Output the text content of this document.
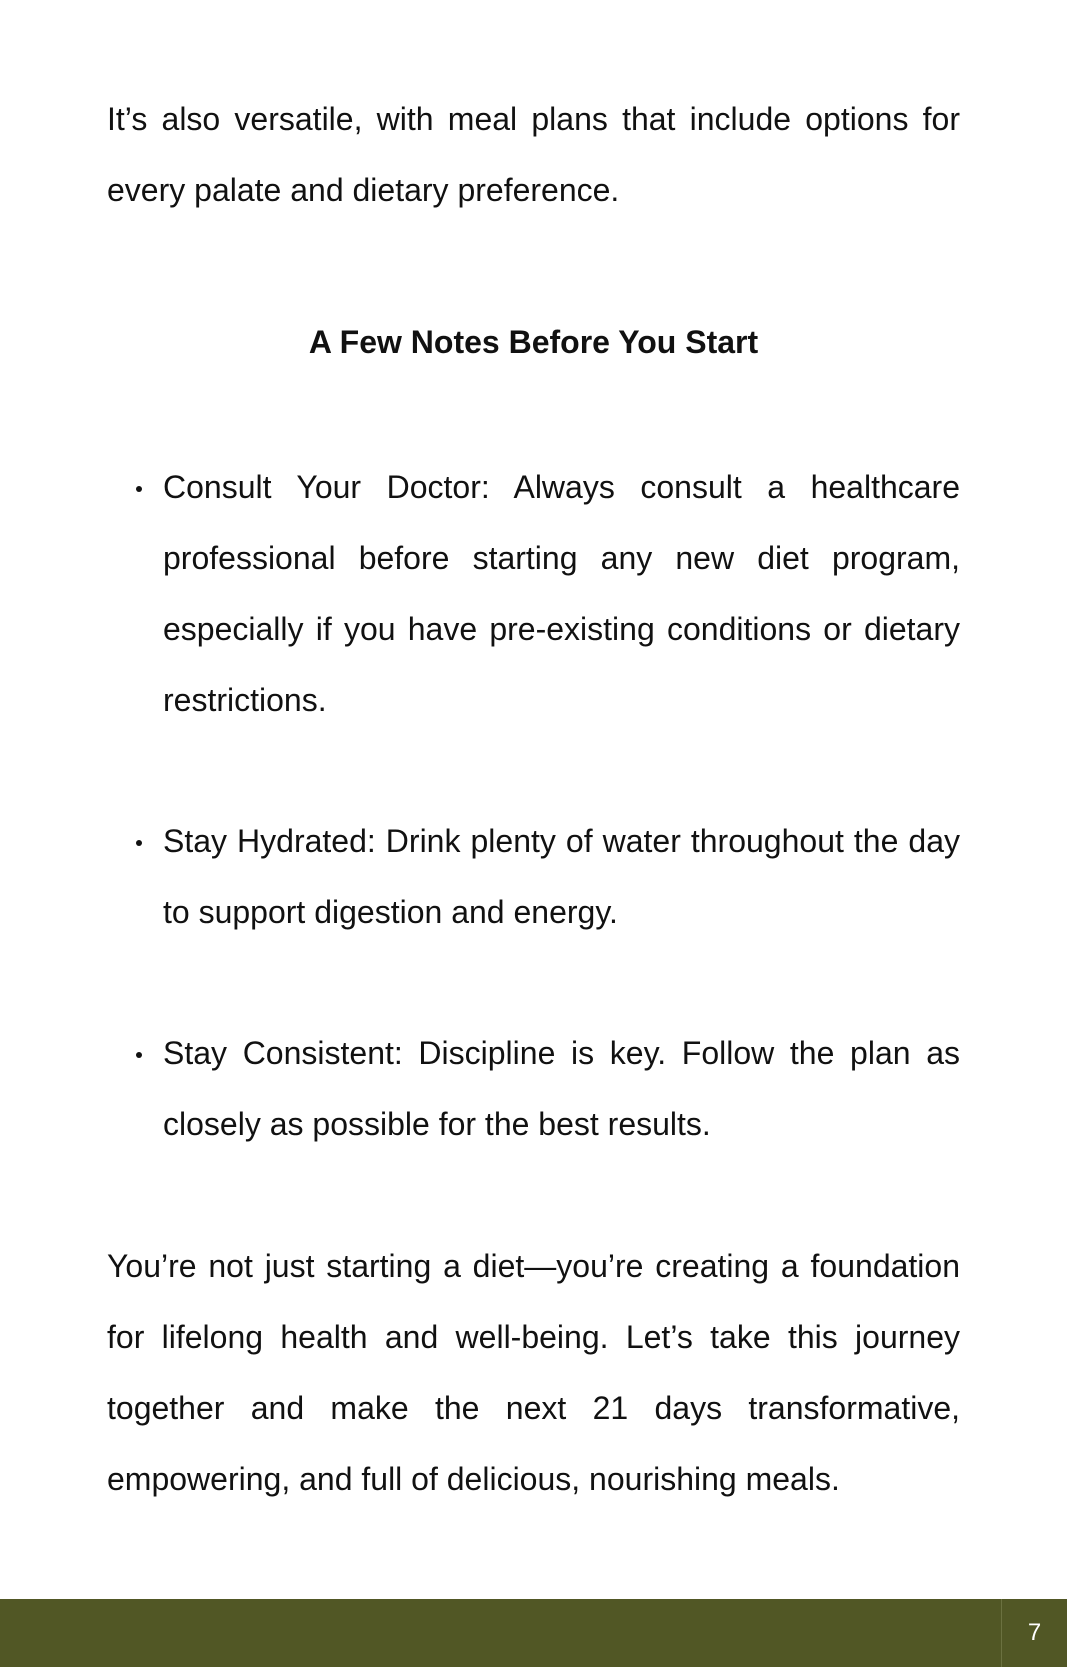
It’s also versatile, with meal plans that include options for every palate and dietary preference.

A Few Notes Before You Start
Consult Your Doctor: Always consult a healthcare professional before starting any new diet program, especially if you have pre-existing conditions or dietary restrictions.
Stay Hydrated: Drink plenty of water throughout the day to support digestion and energy.
Stay Consistent: Discipline is key. Follow the plan as closely as possible for the best results.

You’re not just starting a diet—you’re creating a foundation for lifelong health and well-being. Let’s take this journey together and make the next 21 days transformative, empowering, and full of delicious, nourishing meals.

7
